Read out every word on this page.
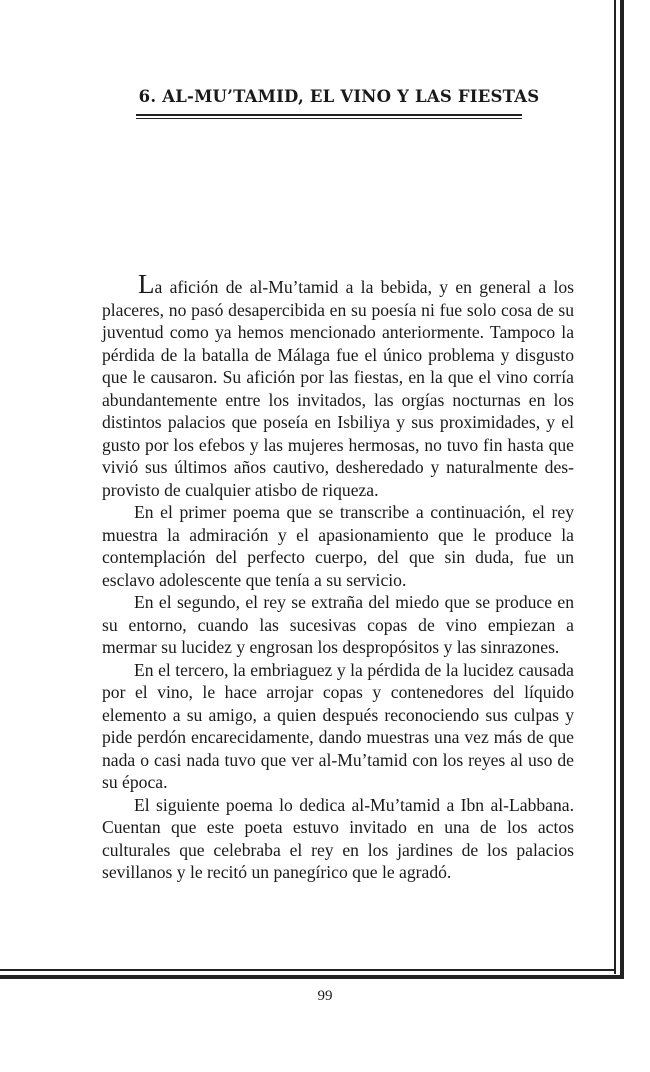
6. AL-MU’TAMID, EL VINO Y LAS FIESTAS

La afición de al-Mu’tamid a la bebida, y en general a los placeres, no pasó desapercibida en su poesía ni fue solo cosa de su juventud como ya hemos mencionado anteriormente. Tampoco la pérdida de la batalla de Málaga fue el único problema y disgusto que le causaron. Su afición por las fiestas, en la que el vino corría abundantemente entre los invitados, las orgías nocturnas en los distintos palacios que poseía en Isbiliya y sus proximidades, y el gusto por los efebos y las mujeres hermosas, no tuvo fin hasta que vivió sus últimos años cautivo, desheredado y naturalmente desprovisto de cualquier atisbo de riqueza.

En el primer poema que se transcribe a continuación, el rey muestra la admiración y el apasionamiento que le produce la contemplación del perfecto cuerpo, del que sin duda, fue un esclavo adolescente que tenía a su servicio.

En el segundo, el rey se extraña del miedo que se produce en su entorno, cuando las sucesivas copas de vino empiezan a mermar su lucidez y engrosan los despropósitos y las sinrazones.

En el tercero, la embriaguez y la pérdida de la lucidez causada por el vino, le hace arrojar copas y contenedores del líquido elemento a su amigo, a quien después reconociendo sus culpas y pide perdón encarecidamente, dando muestras una vez más de que nada o casi nada tuvo que ver al-Mu’tamid con los reyes al uso de su época.

El siguiente poema lo dedica al-Mu’tamid a Ibn al-Labbana. Cuentan que este poeta estuvo invitado en una de los actos culturales que celebraba el rey en los jardines de los palacios sevillanos y le recitó un panegírico que le agradó.

99
